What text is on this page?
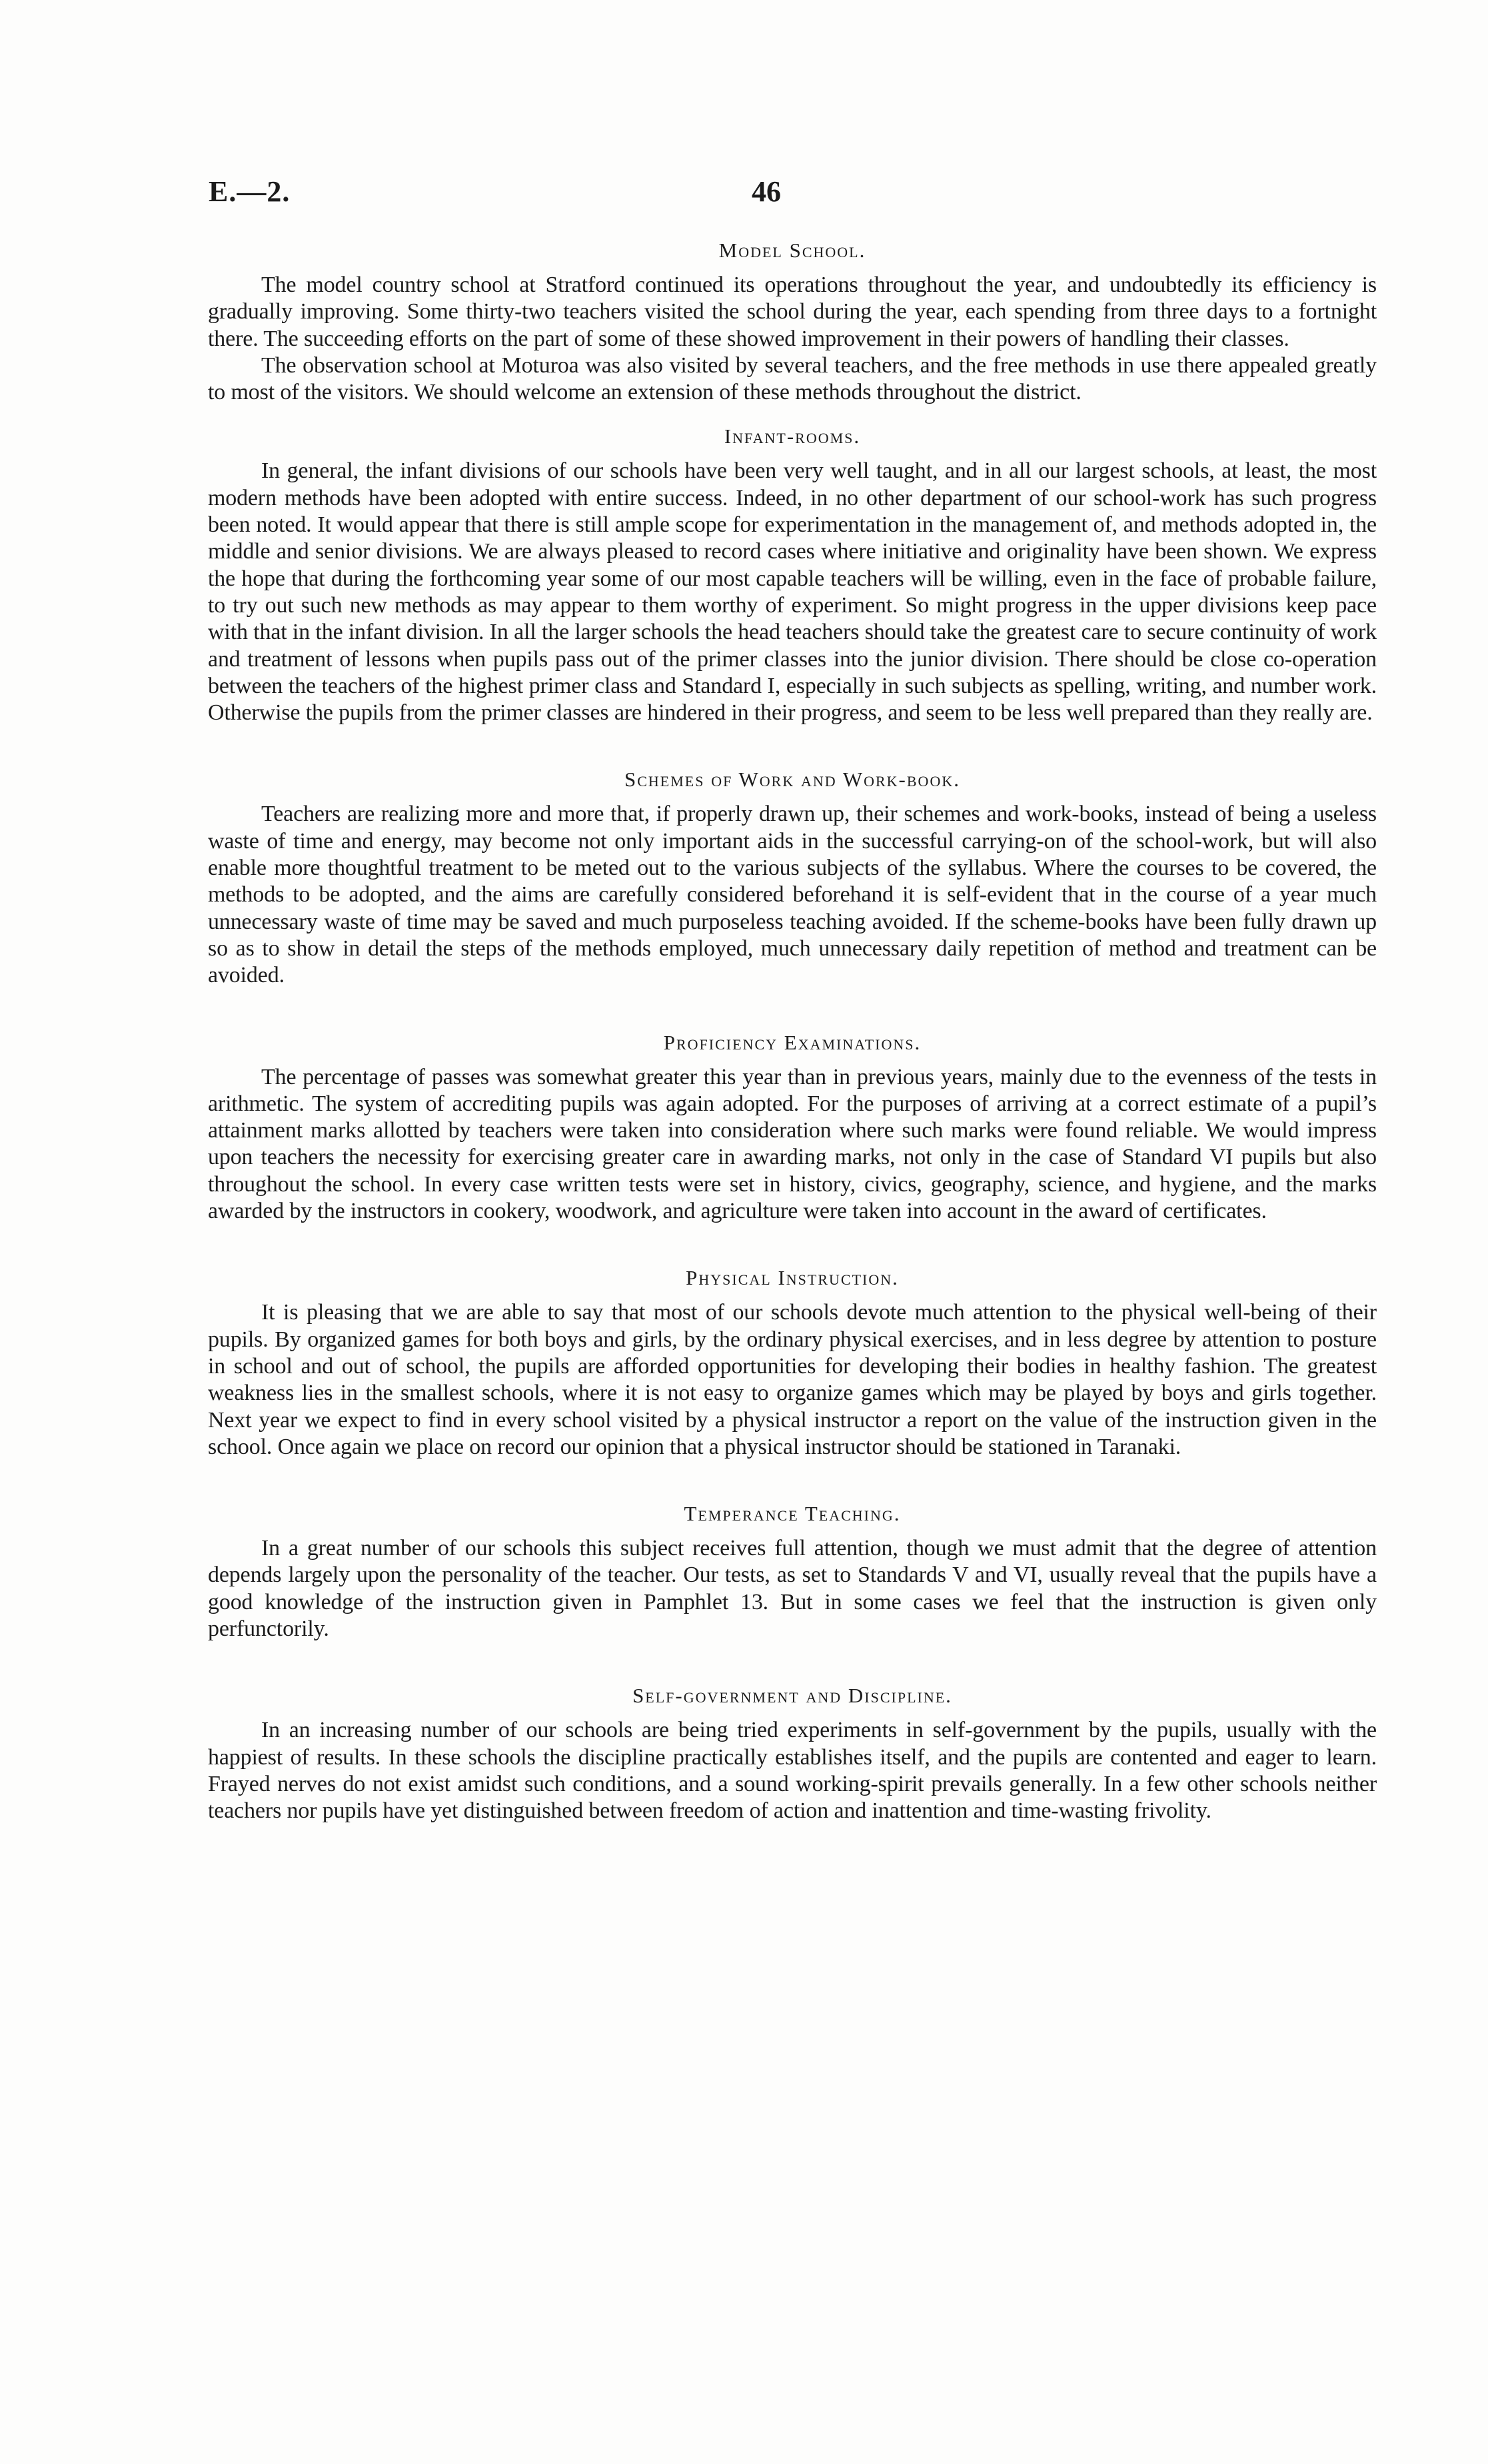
E.—2.	46

Model School.

The model country school at Stratford continued its operations throughout the year, and undoubtedly its efficiency is gradually improving. Some thirty-two teachers visited the school during the year, each spending from three days to a fortnight there. The succeeding efforts on the part of some of these showed improvement in their powers of handling their classes.

The observation school at Moturoa was also visited by several teachers, and the free methods in use there appealed greatly to most of the visitors. We should welcome an extension of these methods throughout the district.

Infant-rooms.

In general, the infant divisions of our schools have been very well taught, and in all our largest schools, at least, the most modern methods have been adopted with entire success. Indeed, in no other department of our school-work has such progress been noted. It would appear that there is still ample scope for experimentation in the management of, and methods adopted in, the middle and senior divisions. We are always pleased to record cases where initiative and originality have been shown. We express the hope that during the forthcoming year some of our most capable teachers will be willing, even in the face of probable failure, to try out such new methods as may appear to them worthy of experiment. So might progress in the upper divisions keep pace with that in the infant division. In all the larger schools the head teachers should take the greatest care to secure continuity of work and treatment of lessons when pupils pass out of the primer classes into the junior division. There should be close co-operation between the teachers of the highest primer class and Standard I, especially in such subjects as spelling, writing, and number work. Otherwise the pupils from the primer classes are hindered in their progress, and seem to be less well prepared than they really are.

Schemes of Work and Work-book.

Teachers are realizing more and more that, if properly drawn up, their schemes and work-books, instead of being a useless waste of time and energy, may become not only important aids in the successful carrying-on of the school-work, but will also enable more thoughtful treatment to be meted out to the various subjects of the syllabus. Where the courses to be covered, the methods to be adopted, and the aims are carefully considered beforehand it is self-evident that in the course of a year much unnecessary waste of time may be saved and much purposeless teaching avoided. If the scheme-books have been fully drawn up so as to show in detail the steps of the methods employed, much unnecessary daily repetition of method and treatment can be avoided.

Proficiency Examinations.

The percentage of passes was somewhat greater this year than in previous years, mainly due to the evenness of the tests in arithmetic. The system of accrediting pupils was again adopted. For the purposes of arriving at a correct estimate of a pupil’s attainment marks allotted by teachers were taken into consideration where such marks were found reliable. We would impress upon teachers the necessity for exercising greater care in awarding marks, not only in the case of Standard VI pupils but also throughout the school. In every case written tests were set in history, civics, geography, science, and hygiene, and the marks awarded by the instructors in cookery, woodwork, and agriculture were taken into account in the award of certificates.

Physical Instruction.

It is pleasing that we are able to say that most of our schools devote much attention to the physical well-being of their pupils. By organized games for both boys and girls, by the ordinary physical exercises, and in less degree by attention to posture in school and out of school, the pupils are afforded opportunities for developing their bodies in healthy fashion. The greatest weakness lies in the smallest schools, where it is not easy to organize games which may be played by boys and girls together. Next year we expect to find in every school visited by a physical instructor a report on the value of the instruction given in the school. Once again we place on record our opinion that a physical instructor should be stationed in Taranaki.

Temperance Teaching.

In a great number of our schools this subject receives full attention, though we must admit that the degree of attention depends largely upon the personality of the teacher. Our tests, as set to Standards V and VI, usually reveal that the pupils have a good knowledge of the instruction given in Pamphlet 13. But in some cases we feel that the instruction is given only perfunctorily.

Self-government and Discipline.

In an increasing number of our schools are being tried experiments in self-government by the pupils, usually with the happiest of results. In these schools the discipline practically establishes itself, and the pupils are contented and eager to learn. Frayed nerves do not exist amidst such conditions, and a sound working-spirit prevails generally. In a few other schools neither teachers nor pupils have yet distinguished between freedom of action and inattention and time-wasting frivolity.
